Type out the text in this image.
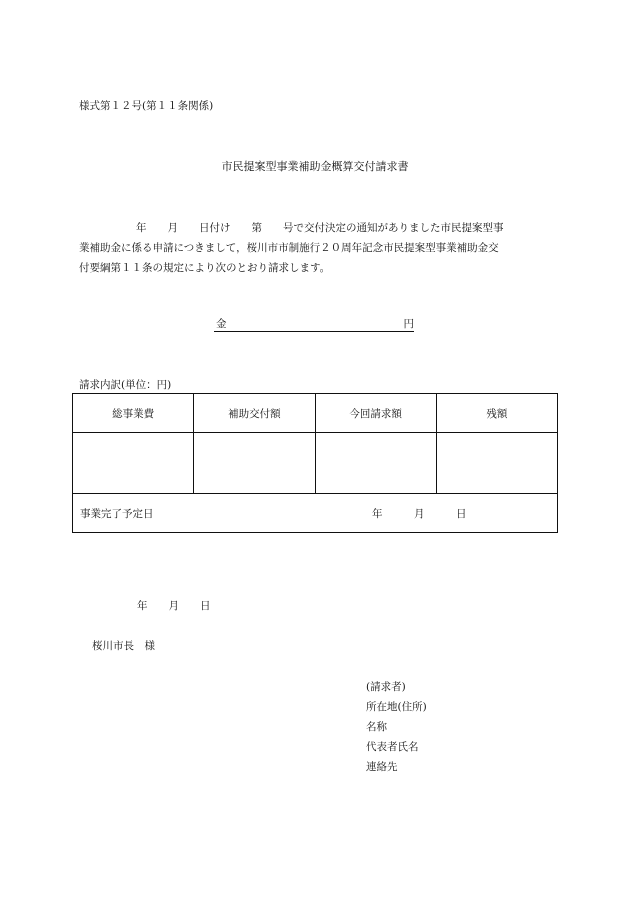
様式第１２号(第１１条関係)
市民提案型事業補助金概算交付請求書
年　　月　　日付け　　第　　号で交付決定の通知がありました市民提案型事
業補助金に係る申請につきまして，桜川市市制施行２０周年記念市民提案型事業補助金交
付要綱第１１条の規定により次のとおり請求します。
金	円
請求内訳(単位：円)
総事業費	補助交付額	今回請求額	残額

事業完了予定日 年　　　月　　　日			
年　　月　　日
桜川市長　様
(請求者)
所在地(住所)
名称
代表者氏名
連絡先
